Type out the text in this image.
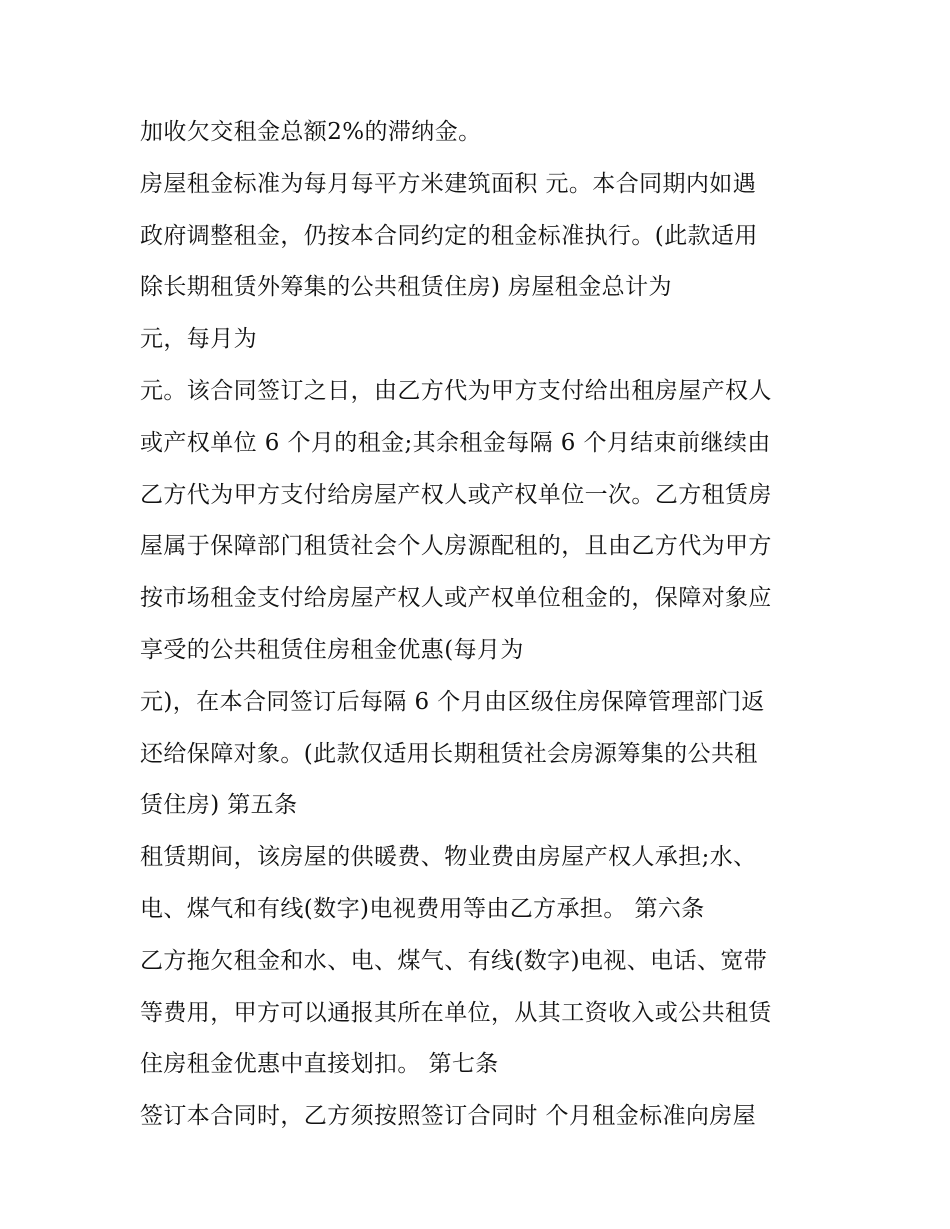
加收欠交租金总额2%的滞纳金。
房屋租金标准为每月每平方米建筑面积 元。本合同期内如遇
政府调整租金，仍按本合同约定的租金标准执行。(此款适用
除长期租赁外筹集的公共租赁住房) 房屋租金总计为
元，每月为
元。该合同签订之日，由乙方代为甲方支付给出租房屋产权人
或产权单位 6 个月的租金;其余租金每隔 6 个月结束前继续由
乙方代为甲方支付给房屋产权人或产权单位一次。乙方租赁房
屋属于保障部门租赁社会个人房源配租的，且由乙方代为甲方
按市场租金支付给房屋产权人或产权单位租金的，保障对象应
享受的公共租赁住房租金优惠(每月为
元)，在本合同签订后每隔 6 个月由区级住房保障管理部门返
还给保障对象。(此款仅适用长期租赁社会房源筹集的公共租
赁住房) 第五条
租赁期间，该房屋的供暖费、物业费由房屋产权人承担;水、
电、煤气和有线(数字)电视费用等由乙方承担。 第六条
乙方拖欠租金和水、电、煤气、有线(数字)电视、电话、宽带
等费用，甲方可以通报其所在单位，从其工资收入或公共租赁
住房租金优惠中直接划扣。 第七条
签订本合同时，乙方须按照签订合同时 个月租金标准向房屋
